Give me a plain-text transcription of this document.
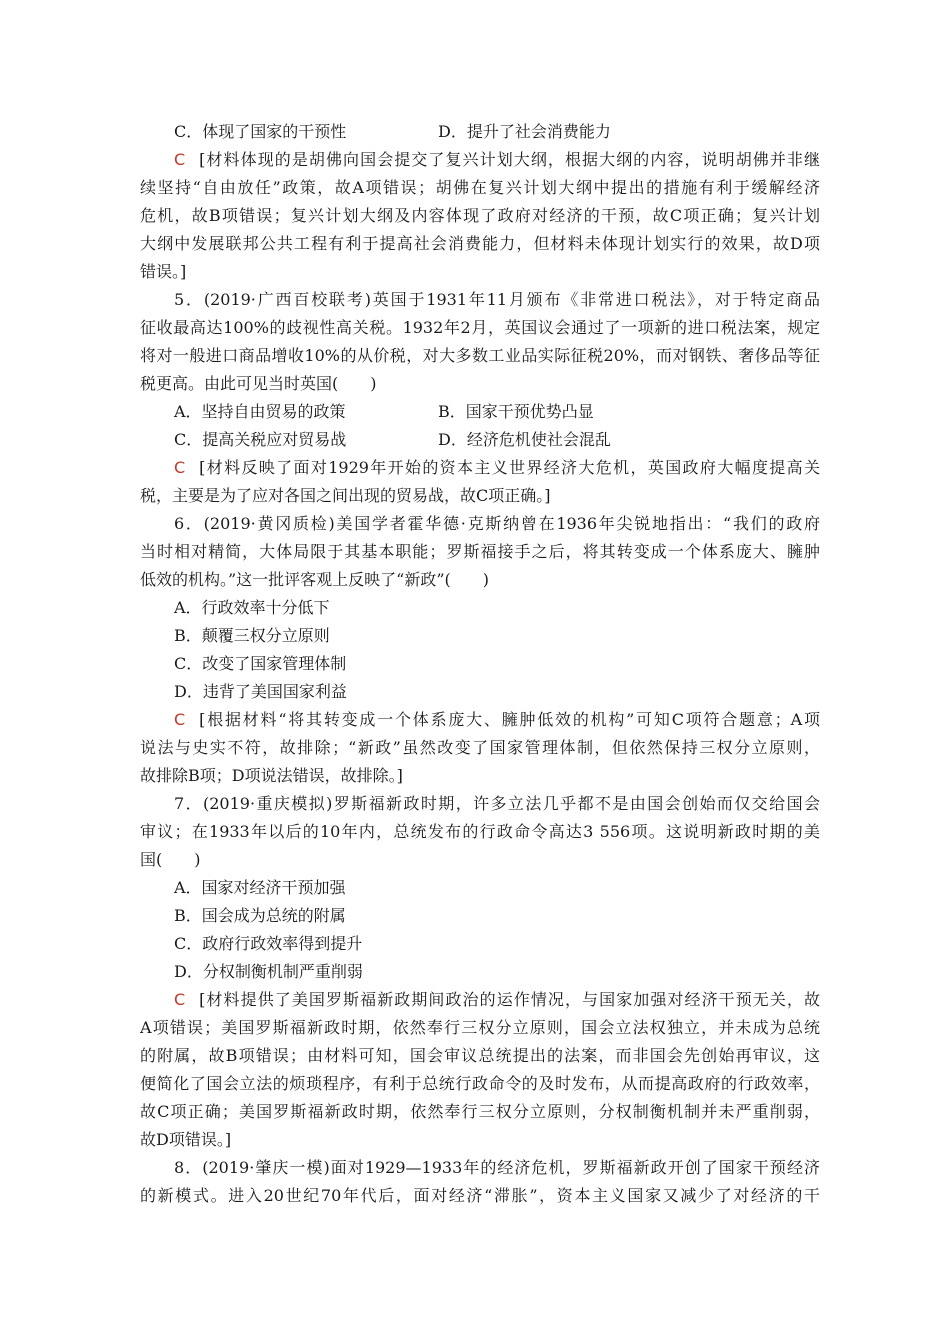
C．体现了国家的干预性	D．提升了社会消费能力
C [材料体现的是胡佛向国会提交了复兴计划大纲，根据大纲的内容，说明胡佛并非继
续坚持“自由放任”政策，故A项错误；胡佛在复兴计划大纲中提出的措施有利于缓解经济
危机，故B项错误；复兴计划大纲及内容体现了政府对经济的干预，故C项正确；复兴计划
大纲中发展联邦公共工程有利于提高社会消费能力，但材料未体现计划实行的效果，故D项
错误。]
5．(2019·广西百校联考)英国于1931年11月颁布《非常进口税法》，对于特定商品
征收最高达100%的歧视性高关税。1932年2月，英国议会通过了一项新的进口税法案，规定
将对一般进口商品增收10%的从价税，对大多数工业品实际征税20%，而对钢铁、奢侈品等征
税更高。由此可见当时英国(　　)
A．坚持自由贸易的政策	B．国家干预优势凸显
C．提高关税应对贸易战	D．经济危机使社会混乱
C [材料反映了面对1929年开始的资本主义世界经济大危机，英国政府大幅度提高关
税，主要是为了应对各国之间出现的贸易战，故C项正确。]
6．(2019·黄冈质检)美国学者霍华德·克斯纳曾在1936年尖锐地指出：“我们的政府
当时相对精简，大体局限于其基本职能；罗斯福接手之后，将其转变成一个体系庞大、臃肿
低效的机构。”这一批评客观上反映了“新政”(　　)
A．行政效率十分低下
B．颠覆三权分立原则
C．改变了国家管理体制
D．违背了美国国家利益
C [根据材料“将其转变成一个体系庞大、臃肿低效的机构”可知C项符合题意；A项
说法与史实不符，故排除；“新政”虽然改变了国家管理体制，但依然保持三权分立原则，
故排除B项；D项说法错误，故排除。]
7．(2019·重庆模拟)罗斯福新政时期，许多立法几乎都不是由国会创始而仅交给国会
审议；在1933年以后的10年内，总统发布的行政命令高达3 556项。这说明新政时期的美
国(　　)
A．国家对经济干预加强
B．国会成为总统的附属
C．政府行政效率得到提升
D．分权制衡机制严重削弱
C [材料提供了美国罗斯福新政期间政治的运作情况，与国家加强对经济干预无关，故
A项错误；美国罗斯福新政时期，依然奉行三权分立原则，国会立法权独立，并未成为总统
的附属，故B项错误；由材料可知，国会审议总统提出的法案，而非国会先创始再审议，这
便简化了国会立法的烦琐程序，有利于总统行政命令的及时发布，从而提高政府的行政效率，
故C项正确；美国罗斯福新政时期，依然奉行三权分立原则，分权制衡机制并未严重削弱，
故D项错误。]
8．(2019·肇庆一模)面对1929—1933年的经济危机，罗斯福新政开创了国家干预经济
的新模式。进入20世纪70年代后，面对经济“滞胀”，资本主义国家又减少了对经济的干
